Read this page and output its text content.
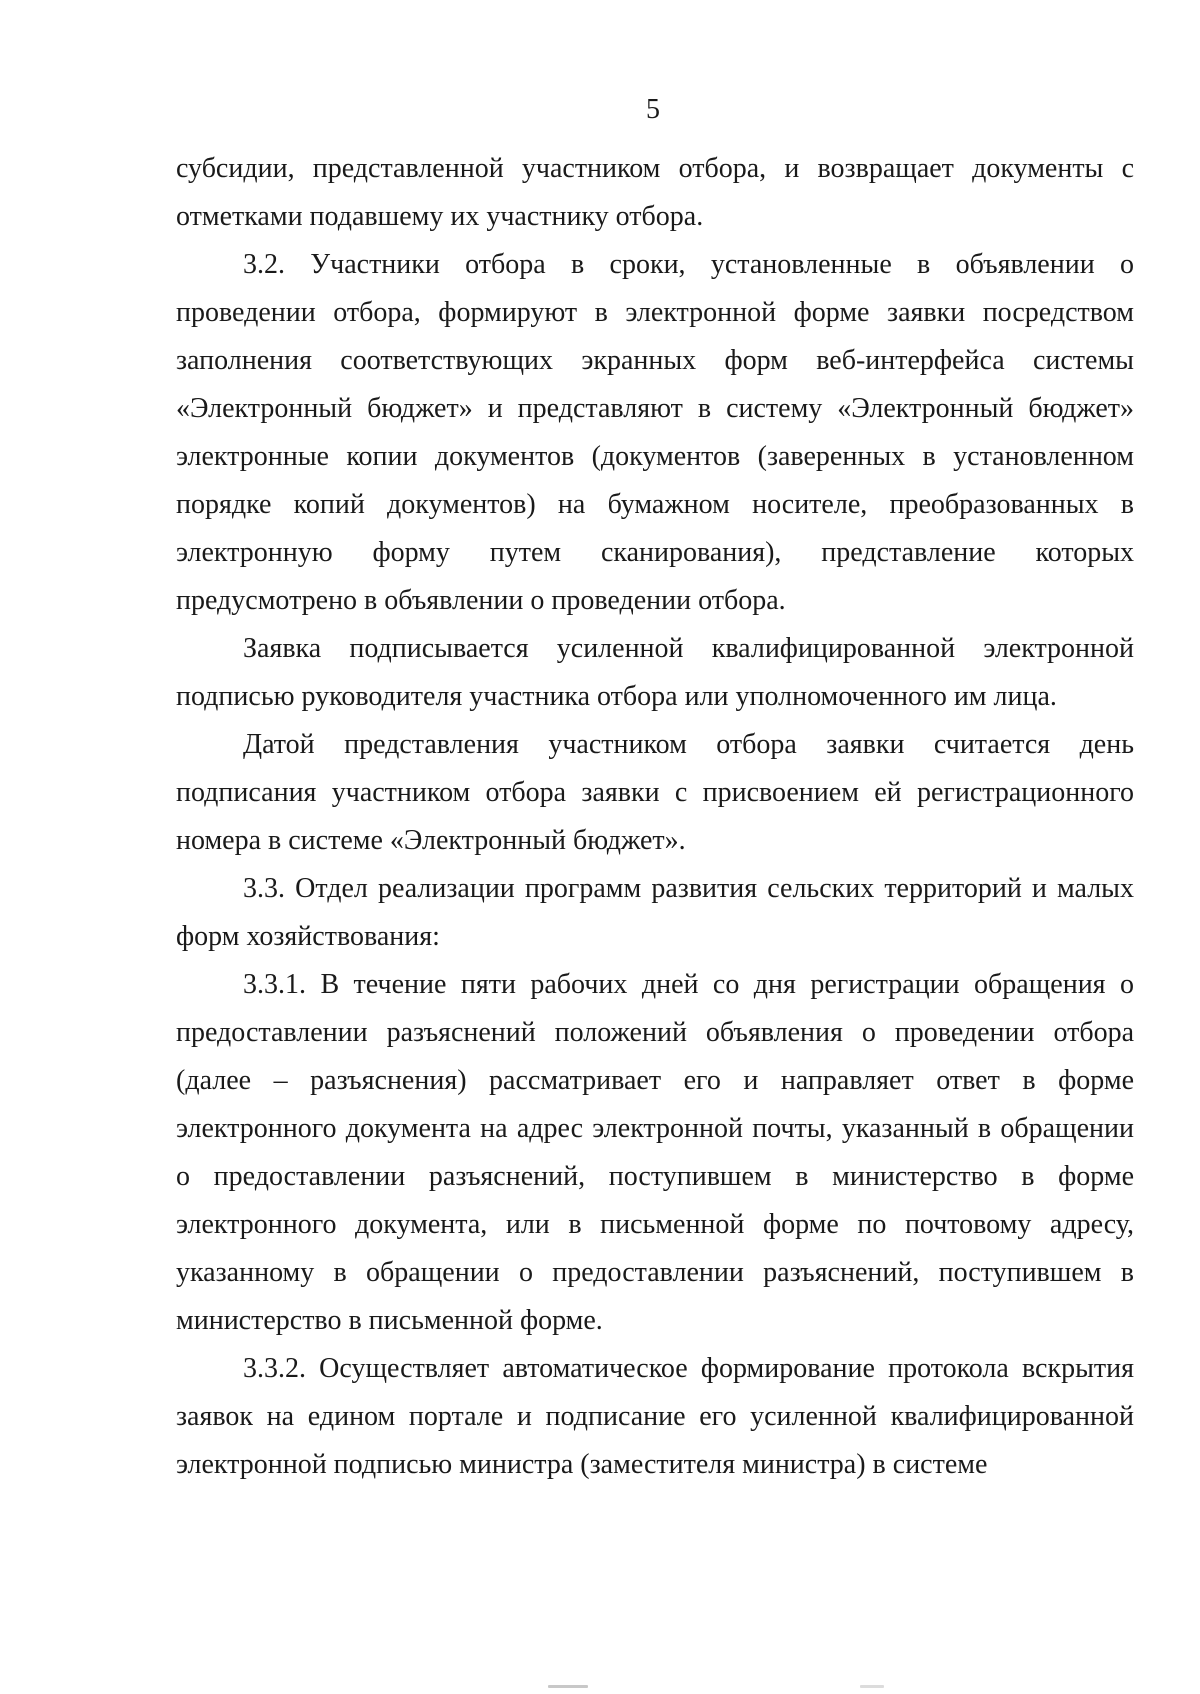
5

субсидии, представленной участником отбора, и возвращает документы с отметками подавшему их участнику отбора.

3.2. Участники отбора в сроки, установленные в объявлении о проведении отбора, формируют в электронной форме заявки посредством заполнения соответствующих экранных форм веб-интерфейса системы «Электронный бюджет» и представляют в систему «Электронный бюджет» электронные копии документов (документов (заверенных в установленном порядке копий документов) на бумажном носителе, преобразованных в электронную форму путем сканирования), представление которых предусмотрено в объявлении о проведении отбора.

Заявка подписывается усиленной квалифицированной электронной подписью руководителя участника отбора или уполномоченного им лица.

Датой представления участником отбора заявки считается день подписания участником отбора заявки с присвоением ей регистрационного номера в системе «Электронный бюджет».

3.3. Отдел реализации программ развития сельских территорий и малых форм хозяйствования:

3.3.1. В течение пяти рабочих дней со дня регистрации обращения о предоставлении разъяснений положений объявления о проведении отбора (далее – разъяснения) рассматривает его и направляет ответ в форме электронного документа на адрес электронной почты, указанный в обращении о предоставлении разъяснений, поступившем в министерство в форме электронного документа, или в письменной форме по почтовому адресу, указанному в обращении о предоставлении разъяснений, поступившем в министерство в письменной форме.

3.3.2. Осуществляет автоматическое формирование протокола вскрытия заявок на едином портале и подписание его усиленной квалифицированной электронной подписью министра (заместителя министра) в системе
